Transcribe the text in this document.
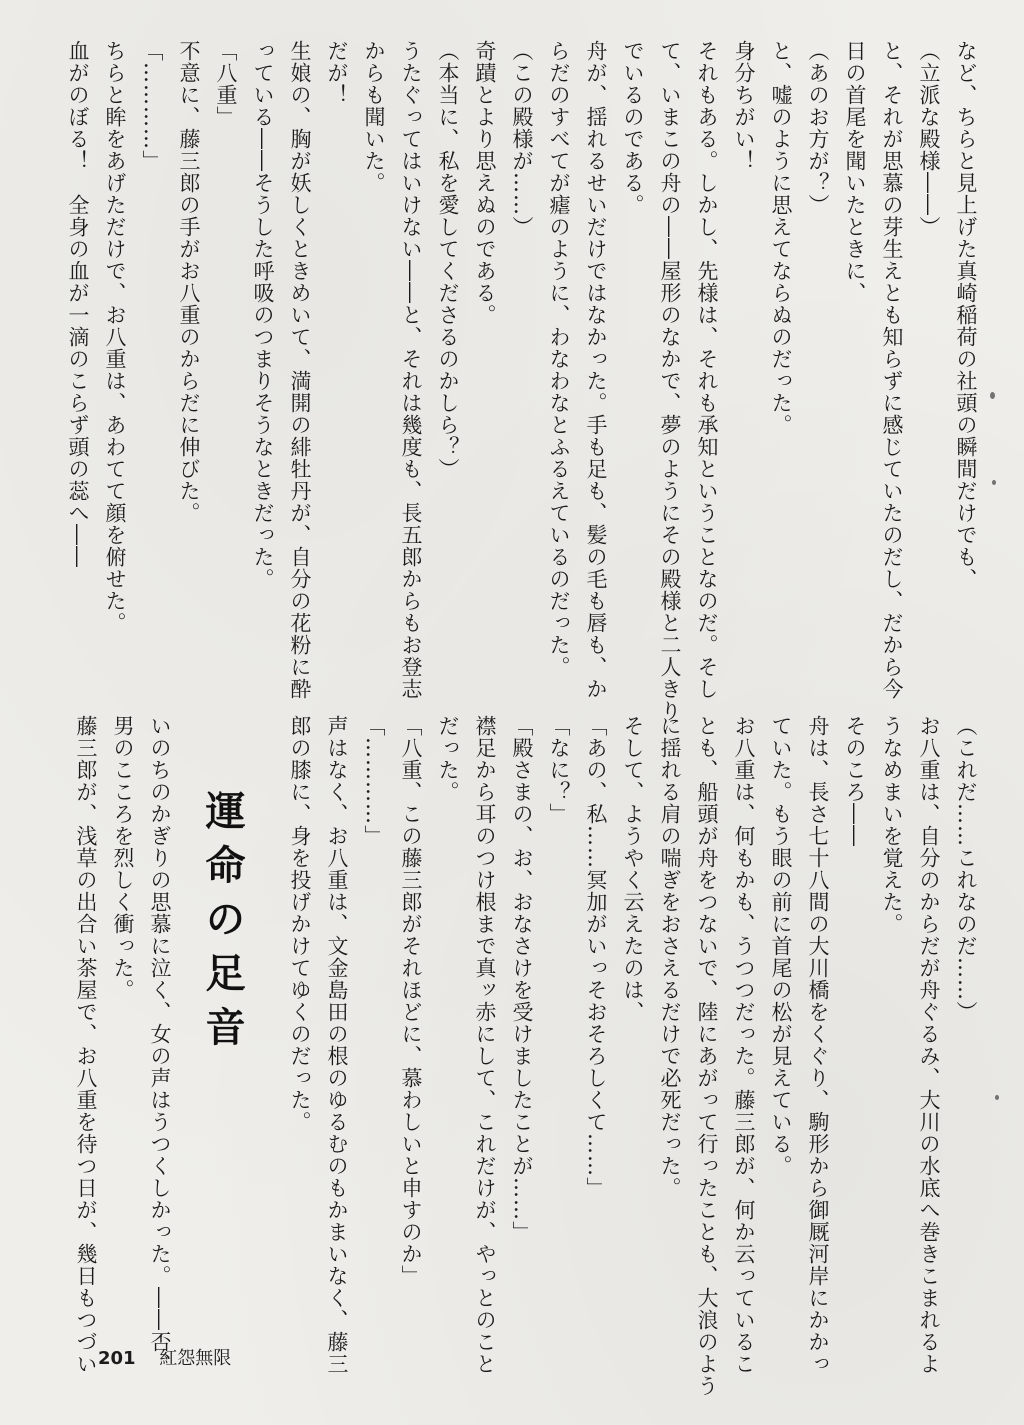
など、ちらと見上げた真崎稲荷の社頭の瞬間だけでも、

（立派な殿様――）

と、それが思慕の芽生えとも知らずに感じていたのだし、だから今

日の首尾を聞いたときに、

（あのお方が？）

と、嘘のように思えてならぬのだった。

身分ちがい！

それもある。しかし、先様は、それも承知ということなのだ。そし

て、いまこの舟の――屋形のなかで、夢のようにその殿様と二人きり

でいるのである。

舟が、揺れるせいだけではなかった。手も足も、髪の毛も唇も、か

らだのすべてが瘧のように、わなわなとふるえているのだった。

（この殿様が……）

奇蹟とより思えぬのである。

（本当に、私を愛してくださるのかしら？）

うたぐってはいけない――と、それは幾度も、長五郎からもお登志

からも聞いた。

だが！

生娘の、胸が妖しくときめいて、満開の緋牡丹が、自分の花粉に酔

っている――そうした呼吸のつまりそうなときだった。

「八重」

不意に、藤三郎の手がお八重のからだに伸びた。

「…………」

ちらと眸をあげただけで、お八重は、あわてて顔を俯せた。

血がのぼる！　全身の血が一滴のこらず頭の蕊へ――

（これだ……これなのだ……）

お八重は、自分のからだが舟ぐるみ、大川の水底へ巻きこまれるよ

うなめまいを覚えた。

そのころ――

舟は、長さ七十八間の大川橋をくぐり、駒形から御厩河岸にかかっ

ていた。もう眼の前に首尾の松が見えている。

お八重は、何もかも、うつつだった。藤三郎が、何か云っているこ

とも、船頭が舟をつないで、陸にあがって行ったことも、大浪のよう

に揺れる肩の喘ぎをおさえるだけで必死だった。

そして、ようやく云えたのは、

「あの、私……冥加がいっそおそろしくて……」

「なに？」

「殿さまの、お、おなさけを受けましたことが……」

襟足から耳のつけ根まで真ッ赤にして、これだけが、やっとのこと

だった。

「八重、この藤三郎がそれほどに、慕わしいと申すのか」

「…………」

声はなく、お八重は、文金島田の根のゆるむのもかまいなく、藤三

郎の膝に、身を投げかけてゆくのだった。

運命の足音

いのちのかぎりの思慕に泣く、女の声はうつくしかった。――否、

男のこころを烈しく衝った。

藤三郎が、浅草の出合い茶屋で、お八重を待つ日が、幾日もつづい 201 紅怨無限
